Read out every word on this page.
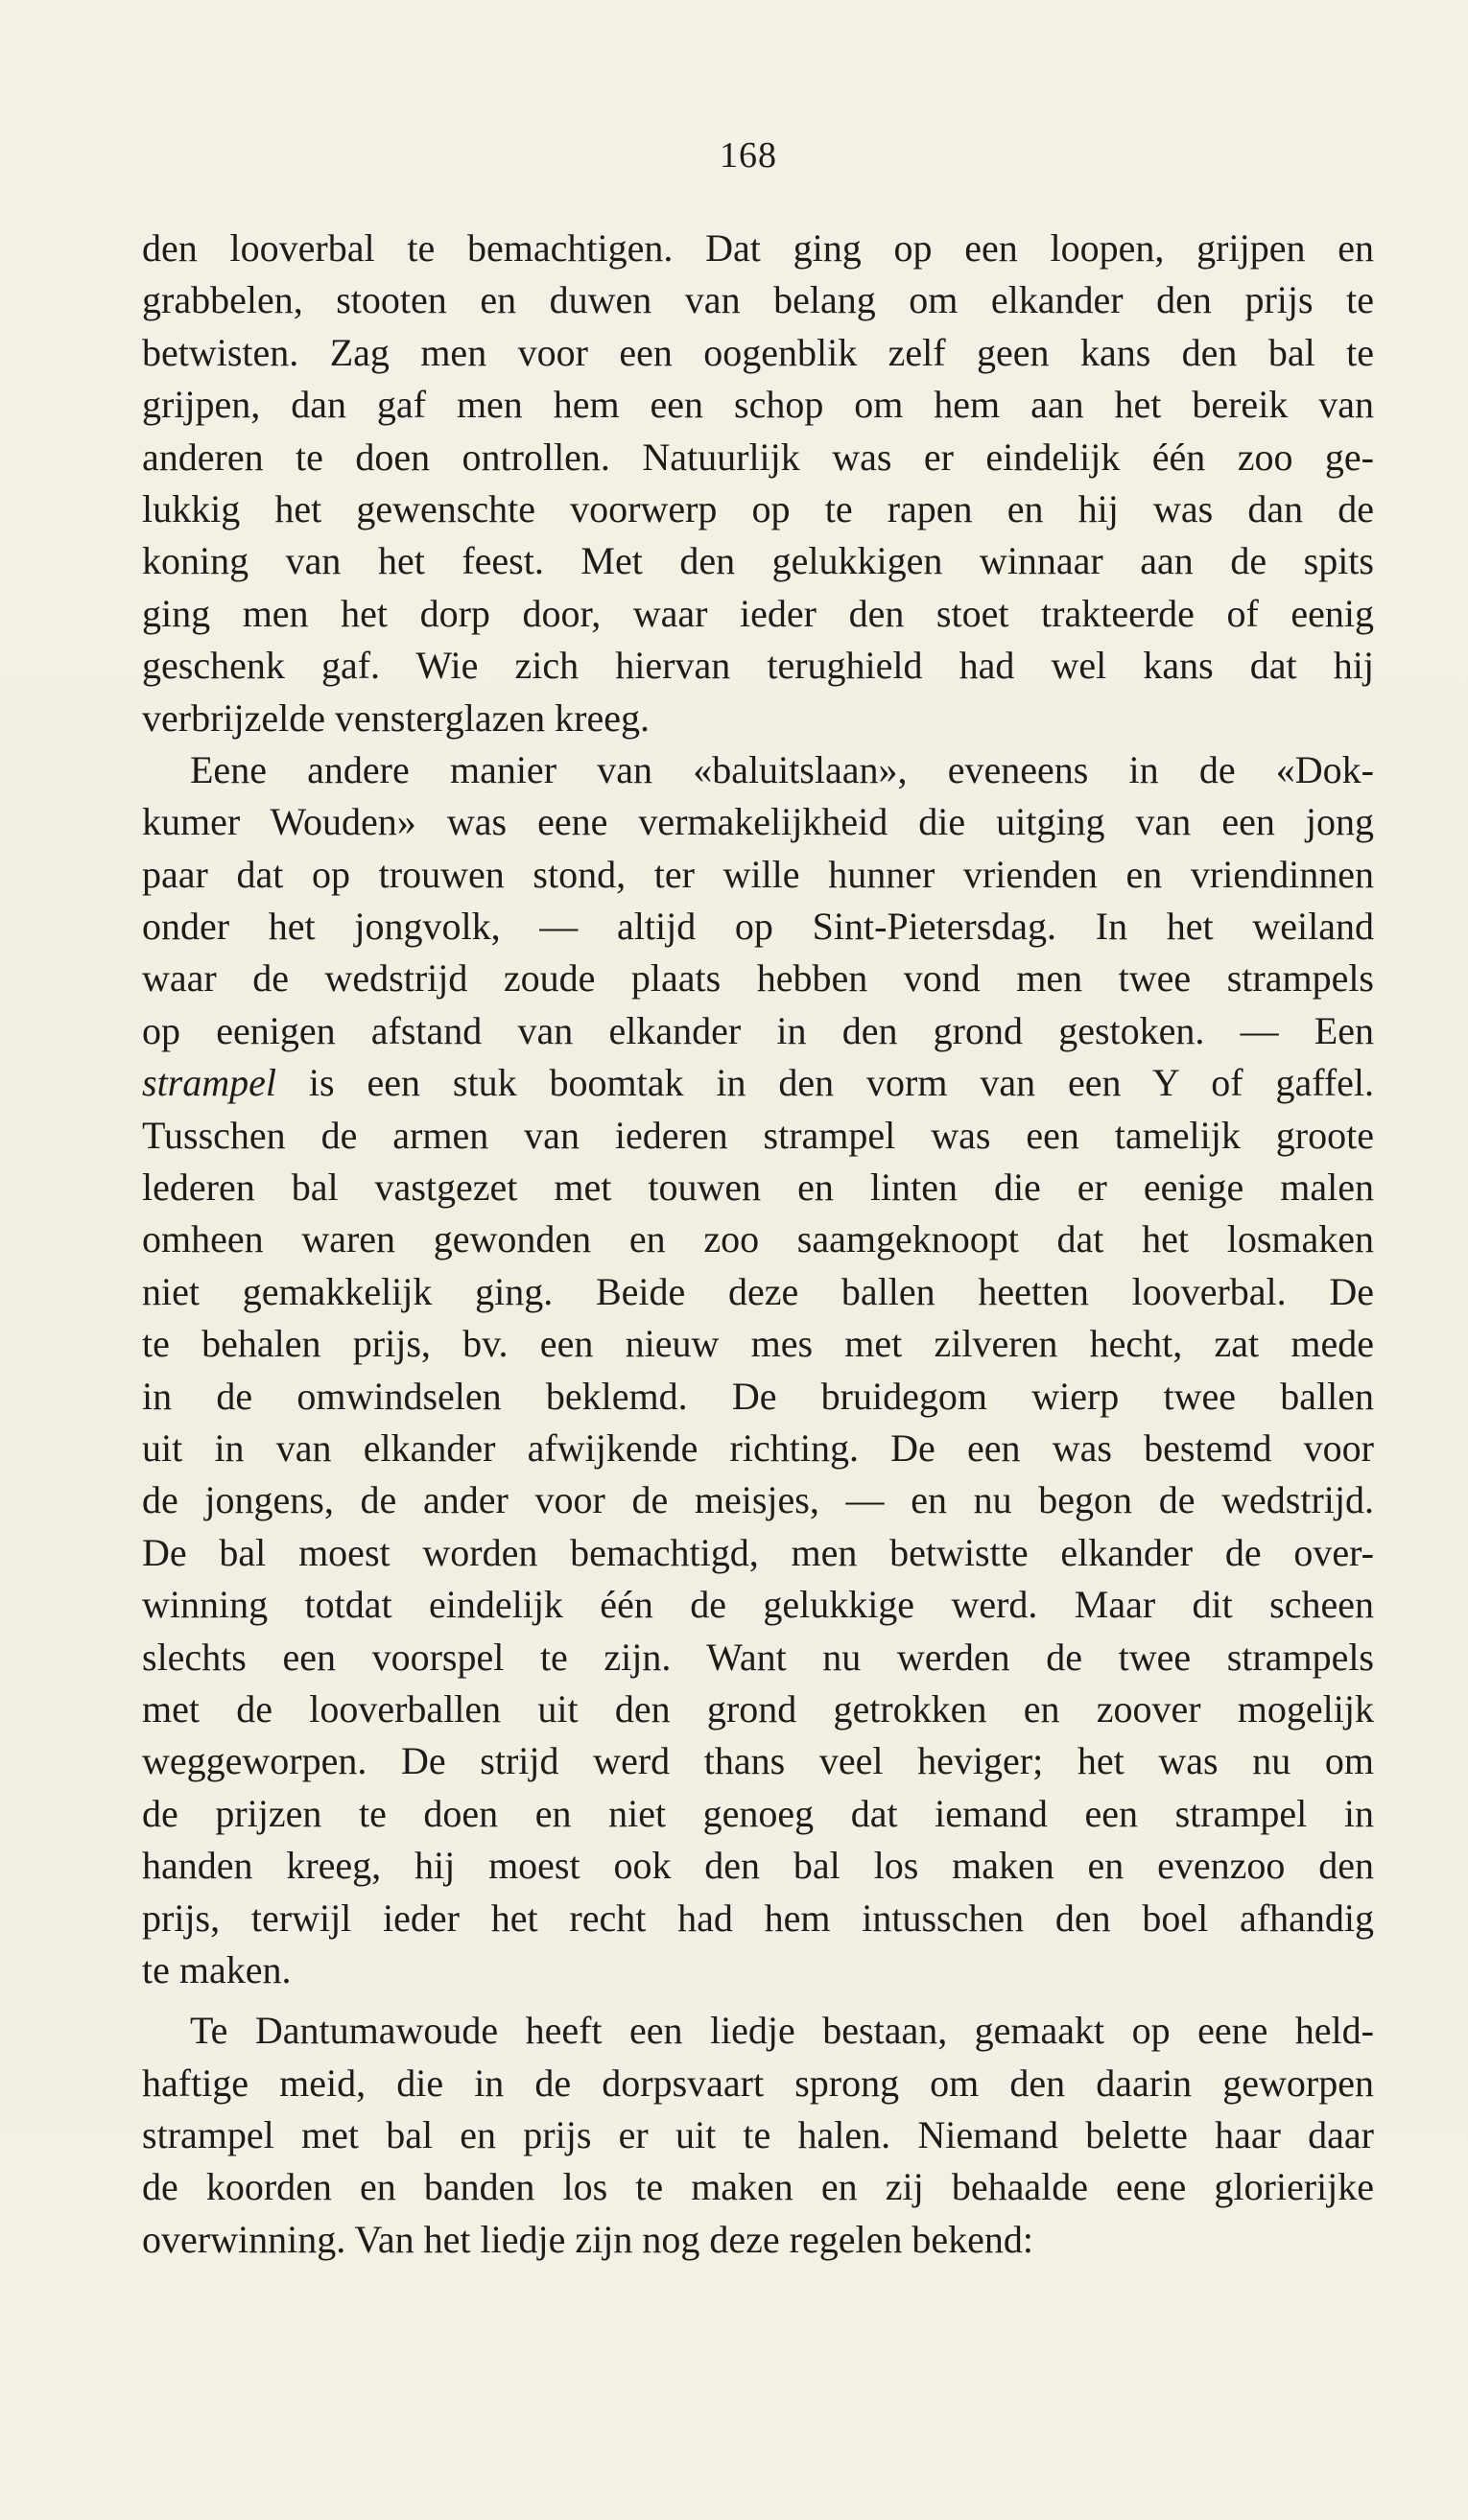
168
den looverbal te bemachtigen. Dat ging op een loopen, grijpen en
grabbelen, stooten en duwen van belang om elkander den prijs te
betwisten. Zag men voor een oogenblik zelf geen kans den bal te
grijpen, dan gaf men hem een schop om hem aan het bereik van
anderen te doen ontrollen. Natuurlijk was er eindelijk één zoo ge-
lukkig het gewenschte voorwerp op te rapen en hij was dan de
koning van het feest. Met den gelukkigen winnaar aan de spits
ging men het dorp door, waar ieder den stoet trakteerde of eenig
geschenk gaf. Wie zich hiervan terughield had wel kans dat hij
verbrijzelde vensterglazen kreeg.
Eene andere manier van «baluitslaan», eveneens in de «Dok-
kumer Wouden» was eene vermakelijkheid die uitging van een jong
paar dat op trouwen stond, ter wille hunner vrienden en vriendinnen
onder het jongvolk, — altijd op Sint-Pietersdag. In het weiland
waar de wedstrijd zoude plaats hebben vond men twee strampels
op eenigen afstand van elkander in den grond gestoken. — Een
strampel is een stuk boomtak in den vorm van een Y of gaffel.
Tusschen de armen van iederen strampel was een tamelijk groote
lederen bal vastgezet met touwen en linten die er eenige malen
omheen waren gewonden en zoo saamgeknoopt dat het losmaken
niet gemakkelijk ging. Beide deze ballen heetten looverbal. De
te behalen prijs, bv. een nieuw mes met zilveren hecht, zat mede
in de omwindselen beklemd. De bruidegom wierp twee ballen
uit in van elkander afwijkende richting. De een was bestemd voor
de jongens, de ander voor de meisjes, — en nu begon de wedstrijd.
De bal moest worden bemachtigd, men betwistte elkander de over-
winning totdat eindelijk één de gelukkige werd. Maar dit scheen
slechts een voorspel te zijn. Want nu werden de twee strampels
met de looverballen uit den grond getrokken en zoover mogelijk
weggeworpen. De strijd werd thans veel heviger; het was nu om
de prijzen te doen en niet genoeg dat iemand een strampel in
handen kreeg, hij moest ook den bal los maken en evenzoo den
prijs, terwijl ieder het recht had hem intusschen den boel afhandig
te maken.
Te Dantumawoude heeft een liedje bestaan, gemaakt op eene held-
haftige meid, die in de dorpsvaart sprong om den daarin geworpen
strampel met bal en prijs er uit te halen. Niemand belette haar daar
de koorden en banden los te maken en zij behaalde eene glorierijke
overwinning. Van het liedje zijn nog deze regelen bekend:
